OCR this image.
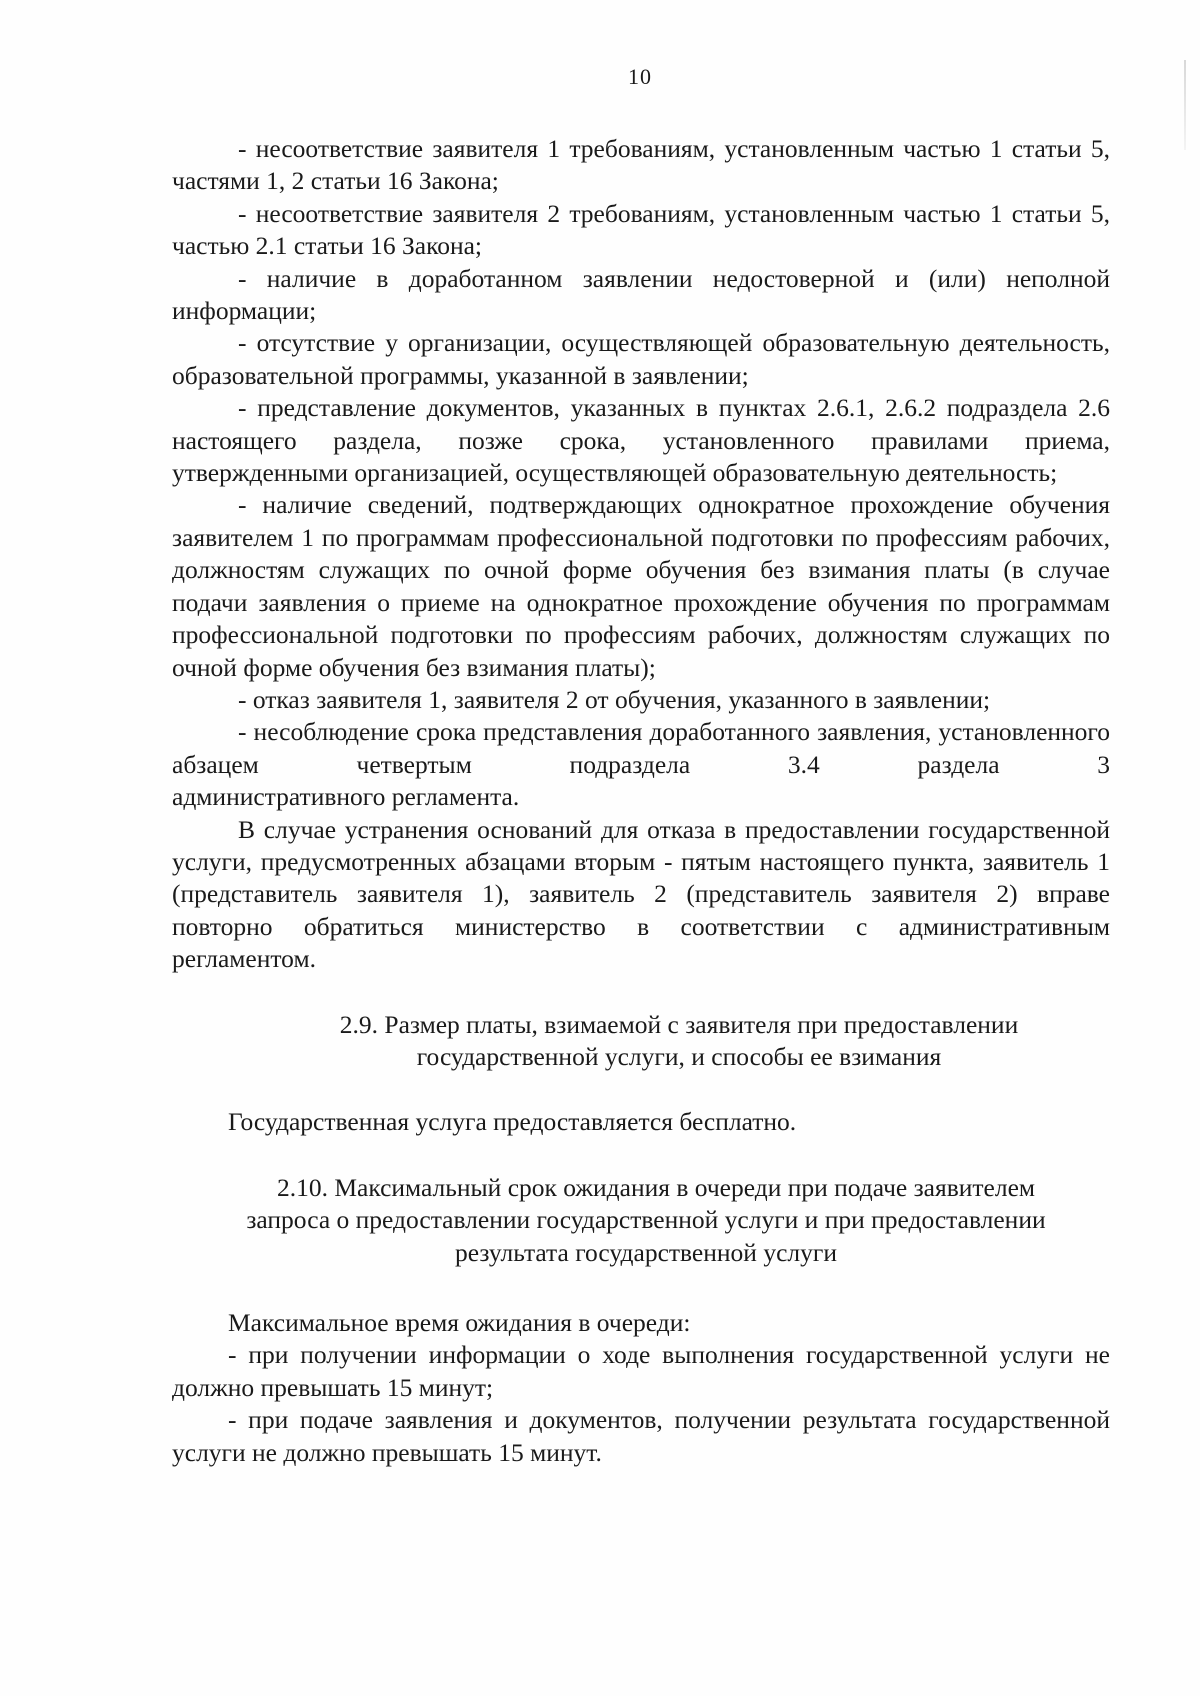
10

- несоответствие заявителя 1 требованиям, установленным частью 1 статьи 5, частями 1, 2 статьи 16 Закона;

- несоответствие заявителя 2 требованиям, установленным частью 1 статьи 5, частью 2.1 статьи 16 Закона;

- наличие в доработанном заявлении недостоверной и (или) неполной информации;

- отсутствие у организации, осуществляющей образовательную деятельность, образовательной программы, указанной в заявлении;

- представление документов, указанных в пунктах 2.6.1, 2.6.2 подраздела 2.6 настоящего раздела, позже срока, установленного правилами приема, утвержденными организацией, осуществляющей образовательную деятельность;

- наличие сведений, подтверждающих однократное прохождение обучения заявителем 1 по программам профессиональной подготовки по профессиям рабочих, должностям служащих по очной форме обучения без взимания платы (в случае подачи заявления о приеме на однократное прохождение обучения по программам профессиональной подготовки по профессиям рабочих, должностям служащих по очной форме обучения без взимания платы);

- отказ заявителя 1, заявителя 2 от обучения, указанного в заявлении;

- несоблюдение срока представления доработанного заявления, установленного абзацем четвертым подраздела 3.4 раздела 3

административного регламента.

В случае устранения оснований для отказа в предоставлении государственной услуги, предусмотренных абзацами вторым - пятым настоящего пункта, заявитель 1 (представитель заявителя 1), заявитель 2 (представитель заявителя 2) вправе повторно обратиться министерство в соответствии с административным регламентом.

2.9. Размер платы, взимаемой с заявителя при предоставлении

государственной услуги, и способы ее взимания

Государственная услуга предоставляется бесплатно.

2.10. Максимальный срок ожидания в очереди при подаче заявителем

запроса о предоставлении государственной услуги и при предоставлении

результата государственной услуги

Максимальное время ожидания в очереди:

- при получении информации о ходе выполнения государственной услуги не должно превышать 15 минут;

- при подаче заявления и документов, получении результата государственной услуги не должно превышать 15 минут.
